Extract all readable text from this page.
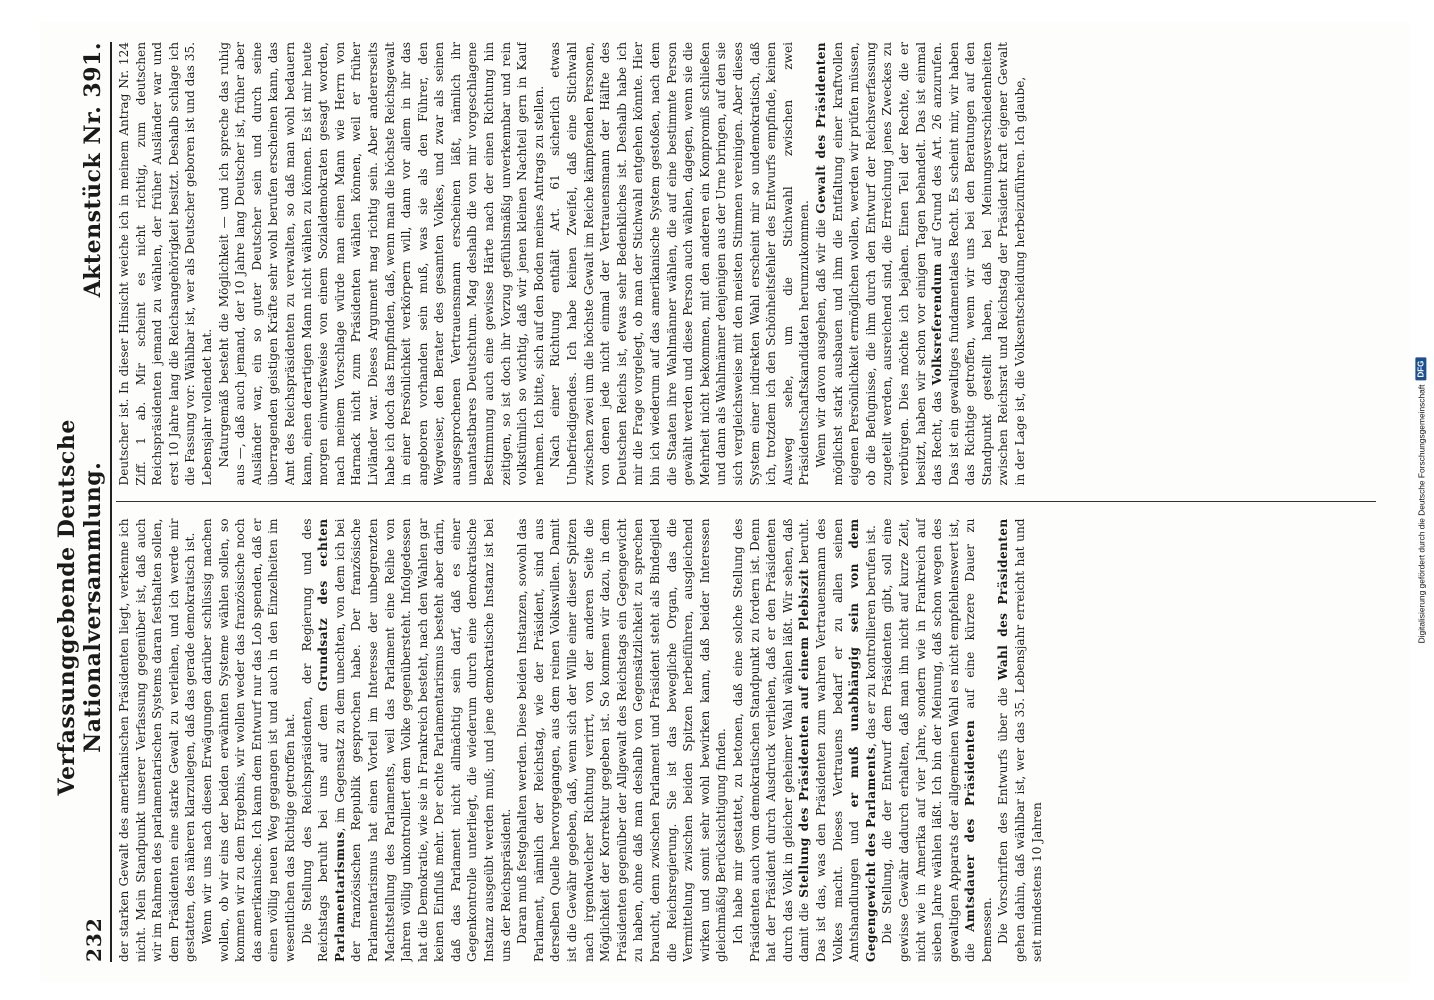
232
Verfassunggebende Deutsche Nationalversammlung.
Aktenstück Nr. 391.

der starken Gewalt des amerikanischen Präsidenten liegt, verkenne ich nicht. Mein Standpunkt unserer Verfassung gegenüber ist, daß auch wir im Rahmen des parlamentarischen Systems daran festhalten sollen, dem Präsidenten eine starke Gewalt zu verleihen, und ich werde mir gestatten, des näheren klarzulegen, daß das gerade demokratisch ist. Wenn wir uns nach diesen Erwägungen darüber schlüssig machen wollen, ob wir eins der beiden erwähnten Systeme wählen sollen, so kommen wir zu dem Ergebnis, wir wollen weder das französische noch das amerikanische. Ich kann dem Entwurf nur das Lob spenden, daß er einen völlig neuen Weg gegangen ist und auch in den Einzelheiten im wesentlichen das Richtige getroffen hat. Die Stellung des Reichspräsidenten, der Regierung und des Reichstags beruht bei uns auf dem Grundsatz des echten Parlamentarismus, im Gegensatz zu dem unechten, von dem ich bei der französischen Republik gesprochen habe. Der französische Parlamentarismus hat einen Vorteil im Interesse der unbegrenzten Machtstellung des Parlaments, weil das Parlament eine Reihe von Jahren völlig unkontrolliert dem Volke gegenübersteht. Infolgedessen hat die Demokratie, wie sie in Frankreich besteht, nach den Wahlen gar keinen Einfluß mehr. Der echte Parlamentarismus besteht aber darin, daß das Parlament nicht allmächtig sein darf, daß es einer Gegenkontrolle unterliegt, die wiederum durch eine demokratische Instanz ausgeübt werden muß; und jene demokratische Instanz ist bei uns der Reichspräsident. Daran muß festgehalten werden. Diese beiden Instanzen, sowohl das Parlament, nämlich der Reichstag, wie der Präsident, sind aus derselben Quelle hervorgegangen, aus dem reinen Volkswillen. Damit ist die Gewähr gegeben, daß, wenn sich der Wille einer dieser Spitzen nach irgendwelcher Richtung verirrt, von der anderen Seite die Möglichkeit der Korrektur gegeben ist. So kommen wir dazu, in dem Präsidenten gegenüber der Allgewalt des Reichstags ein Gegengewicht zu haben, ohne daß man deshalb von Gegensätzlichkeit zu sprechen braucht, denn zwischen Parlament und Präsident steht als Bindeglied die Reichsregierung. Sie ist das bewegliche Organ, das die Vermittelung zwischen beiden Spitzen herbeiführen, ausgleichend wirken und somit sehr wohl bewirken kann, daß beider Interessen gleichmäßig Berücksichtigung finden. Ich habe mir gestattet, zu betonen, daß eine solche Stellung des Präsidenten auch vom demokratischen Standpunkt zu fordern ist. Denn hat der Präsident durch Ausdruck verliehen, daß er den Präsidenten durch das Volk in gleicher geheimer Wahl wählen läßt. Wir sehen, daß damit die Stellung des Präsidenten auf einem Plebiszit beruht. Das ist das, was den Präsidenten zum wahren Vertrauensmann des Volkes macht. Dieses Vertrauens bedarf er zu allen seinen Amtshandlungen und er muß unabhängig sein von dem Gegengewicht des Parlaments, das er zu kontrollieren berufen ist. Die Stellung, die der Entwurf dem Präsidenten gibt, soll eine gewisse Gewähr dadurch erhalten, daß man ihn nicht auf kurze Zeit, nicht wie in Amerika auf vier Jahre, sondern wie in Frankreich auf sieben Jahre wählen läßt. Ich bin der Meinung, daß schon wegen des gewaltigen Apparats der allgemeinen Wahl es nicht empfehlenswert ist, die Amtsdauer des Präsidenten auf eine kürzere Dauer zu bemessen. Die Vorschriften des Entwurfs über die Wahl des Präsidenten gehen dahin, daß wählbar ist, wer das 35. Lebensjahr erreicht hat und seit mindestens 10 Jahren

Deutscher ist. In dieser Hinsicht weiche ich in meinem Antrag Nr. 124 Ziff. 1 ab. Mir scheint es nicht richtig, zum deutschen Reichspräsidenten jemand zu wählen, der früher Ausländer war und erst 10 Jahre lang die Reichsangehörigkeit besitzt. Deshalb schlage ich die Fassung vor: Wählbar ist, wer als Deutscher geboren ist und das 35. Lebensjahr vollendet hat. Naturgemäß besteht die Möglichkeit — und ich spreche das ruhig aus —, daß auch jemand, der 10 Jahre lang Deutscher ist, früher aber Ausländer war, ein so guter Deutscher sein und durch seine überragenden geistigen Kräfte sehr wohl berufen erscheinen kann, das Amt des Reichspräsidenten zu verwalten, so daß man wohl bedauern kann, einen derartigen Mann nicht wählen zu können. Es ist mir heute morgen einwurfsweise von einem Sozialdemokraten gesagt worden, nach meinem Vorschlage würde man einen Mann wie Herrn von Harnack nicht zum Präsidenten wählen können, weil er früher Livländer war. Dieses Argument mag richtig sein. Aber andererseits habe ich doch das Empfinden, daß, wenn man die höchste Reichsgewalt in einer Persönlichkeit verkörpern will, dann vor allem in ihr das angeboren vorhanden sein muß, was sie als den Führer, den Wegweiser, den Berater des gesamten Volkes, und zwar als seinen ausgesprochenen Vertrauensmann erscheinen läßt, nämlich ihr unantastbares Deutschtum. Mag deshalb die von mir vorgeschlagene Bestimmung auch eine gewisse Härte nach der einen Richtung hin zeitigen, so ist doch ihr Vorzug gefühlsmäßig unverkennbar und rein volkstümlich so wichtig, daß wir jenen kleinen Nachteil gern in Kauf nehmen. Ich bitte, sich auf den Boden meines Antrags zu stellen. Nach einer Richtung enthält Art. 61 sicherlich etwas Unbefriedigendes. Ich habe keinen Zweifel, daß eine Stichwahl zwischen zwei um die höchste Gewalt im Reiche kämpfenden Personen, von denen jede nicht einmal der Vertrauensmann der Hälfte des Deutschen Reichs ist, etwas sehr Bedenkliches ist. Deshalb habe ich mir die Frage vorgelegt, ob man der Stichwahl entgehen könnte. Hier bin ich wiederum auf das amerikanische System gestoßen, nach dem die Staaten ihre Wahlmänner wählen, die auf eine bestimmte Person gewählt werden und diese Person auch wählen, dagegen, wenn sie die Mehrheit nicht bekommen, mit den anderen ein Kompromiß schließen und dann als Wahlmänner denjenigen aus der Urne bringen, auf den sie sich vergleichsweise mit den meisten Stimmen vereinigen. Aber dieses System einer indirekten Wahl erscheint mir so undemokratisch, daß ich, trotzdem ich den Schönheitsfehler des Entwurfs empfinde, keinen Ausweg sehe, um die Stichwahl zwischen zwei Präsidentschaftskandidaten herumzukommen. Wenn wir davon ausgehen, daß wir die Gewalt des Präsidenten möglichst stark ausbauen und ihm die Entfaltung einer kraftvollen eigenen Persönlichkeit ermöglichen wollen, werden wir prüfen müssen, ob die Befugnisse, die ihm durch den Entwurf der Reichsverfassung zugeteilt werden, ausreichend sind, die Erreichung jenes Zweckes zu verbürgen. Dies möchte ich bejahen. Einen Teil der Rechte, die er besitzt, haben wir schon vor einigen Tagen behandelt. Das ist einmal das Recht, das Volksreferendum auf Grund des Art. 26 anzurufen. Das ist ein gewaltiges fundamentales Recht. Es scheint mir, wir haben das Richtige getroffen, wenn wir uns bei den Beratungen auf den Standpunkt gestellt haben, daß bei Meinungsverschiedenheiten zwischen Reichsrat und Reichstag der Präsident kraft eigener Gewalt in der Lage ist, die Volksentscheidung herbeizuführen. Ich glaube,

Digitalisierung gefördert durch die Deutsche Forschungsgemeinschaft
DFG
